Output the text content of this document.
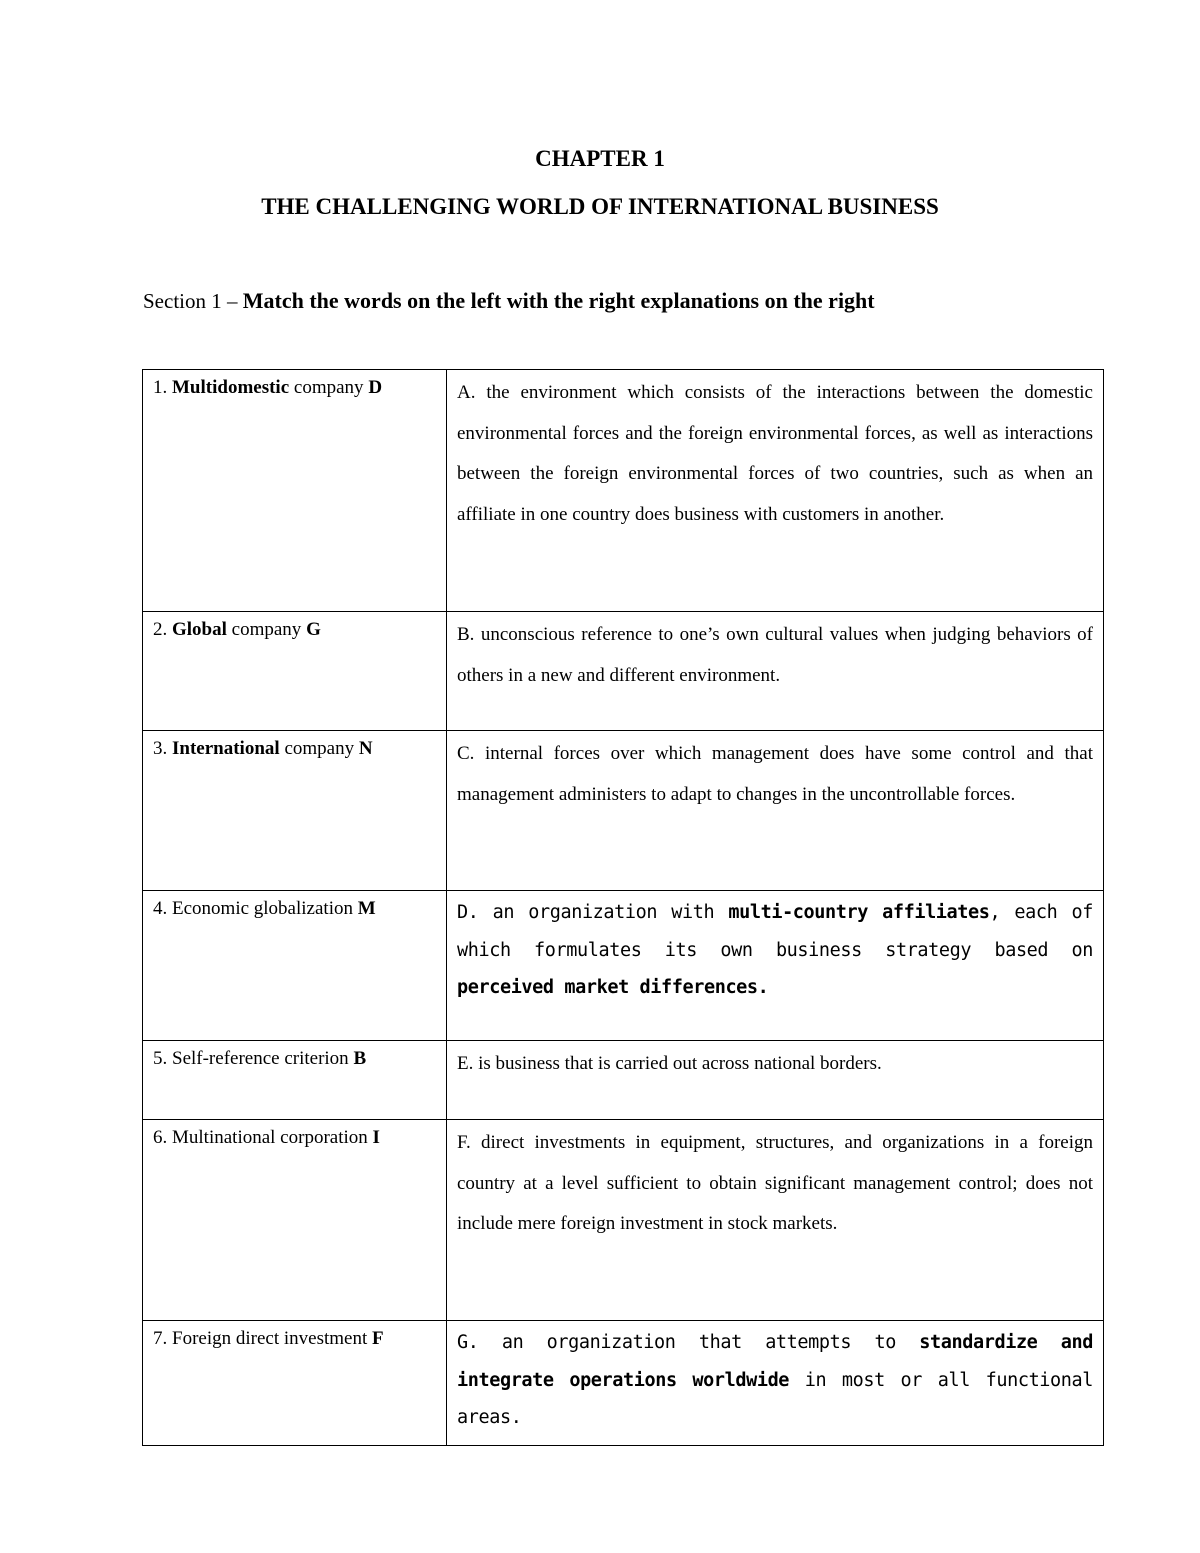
CHAPTER 1
THE CHALLENGING WORLD OF INTERNATIONAL BUSINESS
Section 1 – Match the words on the left with the right explanations on the right
1. Multidomestic company D	A. the environment which consists of the interactions between the domestic environmental forces and the foreign environmental forces, as well as interactions between the foreign environmental forces of two countries, such as when an affiliate in one country does business with customers in another.
2. Global company G	B. unconscious reference to one’s own cultural values when judging behaviors of others in a new and different environment.
3. International company N	C. internal forces over which management does have some control and that management administers to adapt to changes in the uncontrollable forces.
4. Economic globalization M	D. an organization with multi-country affiliates, each of which formulates its own business strategy based on perceived market differences.
5. Self-reference criterion B	E. is business that is carried out across national borders.
6. Multinational corporation I	F. direct investments in equipment, structures, and organizations in a foreign country at a level sufficient to obtain significant management control; does not include mere foreign investment in stock markets.
7. Foreign direct investment F	G. an organization that attempts to standardize and integrate operations worldwide in most or all functional areas.
